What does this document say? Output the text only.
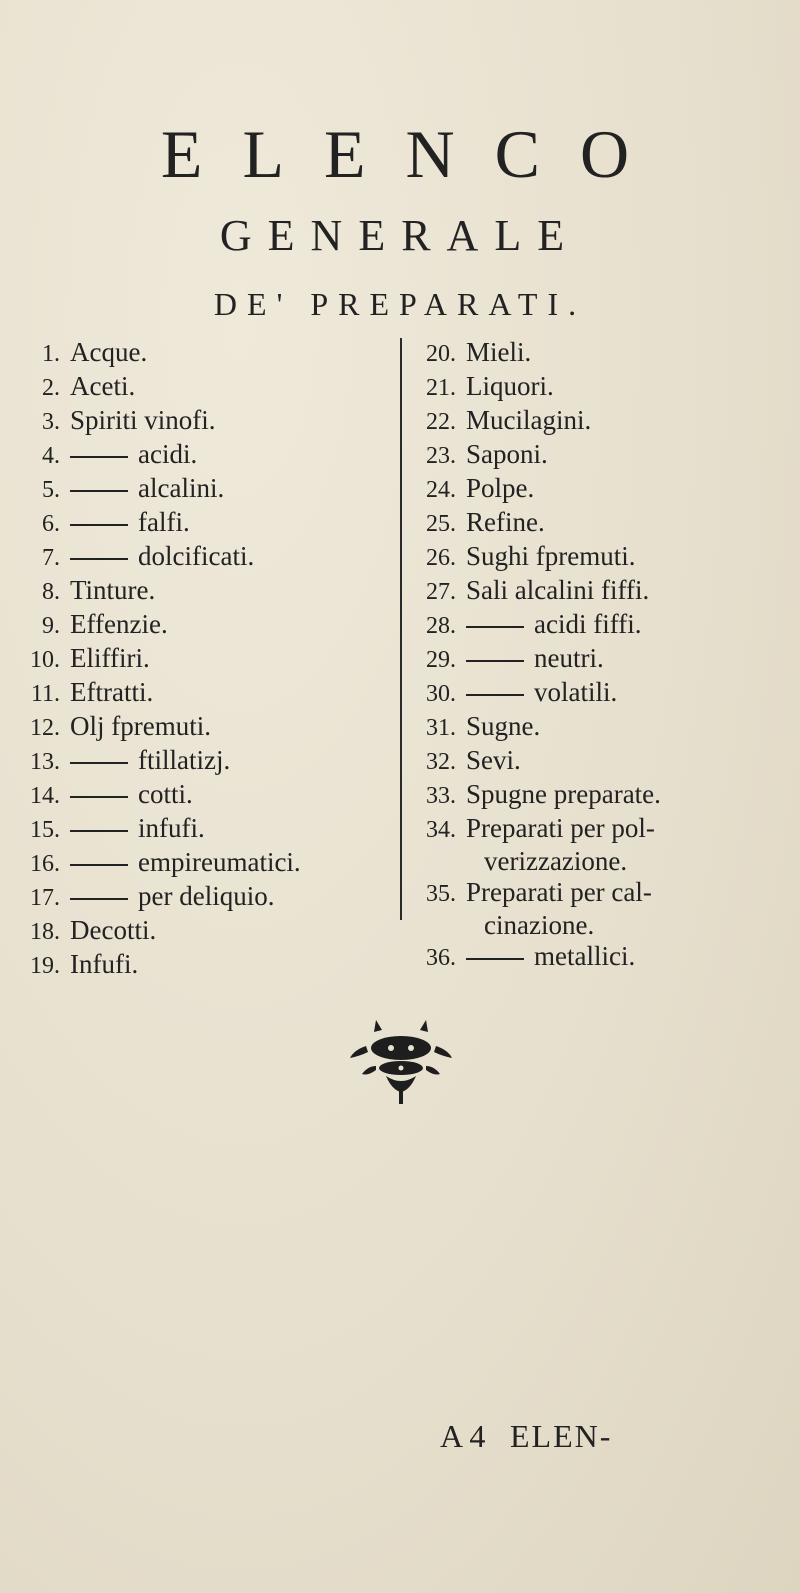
ELENCO
GENERALE
DE' PREPARATI.
1. Acque.
2. Aceti.
3. Spiriti vinofi.
4.	acidi.
5.	alcalini.
6.	falfi.
7.	dolcificati.
8. Tinture.
9. Effenzie.
10. Eliffiri.
11. Eftratti.
12. Olj fpremuti.
13.	ftillatizj.
14.	cotti.
15.	infufi.
16.	empireumatici.
17.	per deliquio.
18. Decotti.
19. Infufi.
20. Mieli.
21. Liquori.
22. Mucilagini.
23. Saponi.
24. Polpe.
25. Refine.
26. Sughi fpremuti.
27. Sali alcalini fiffi.
28.	acidi fiffi.
29.	neutri.
30.	volatili.
31. Sugne.
32. Sevi.
33. Spugne preparate.
34. Preparati per pol-
verizzazione.
35. Preparati per cal-
cinazione.
36.	metallici.
A 4 ELEN-
